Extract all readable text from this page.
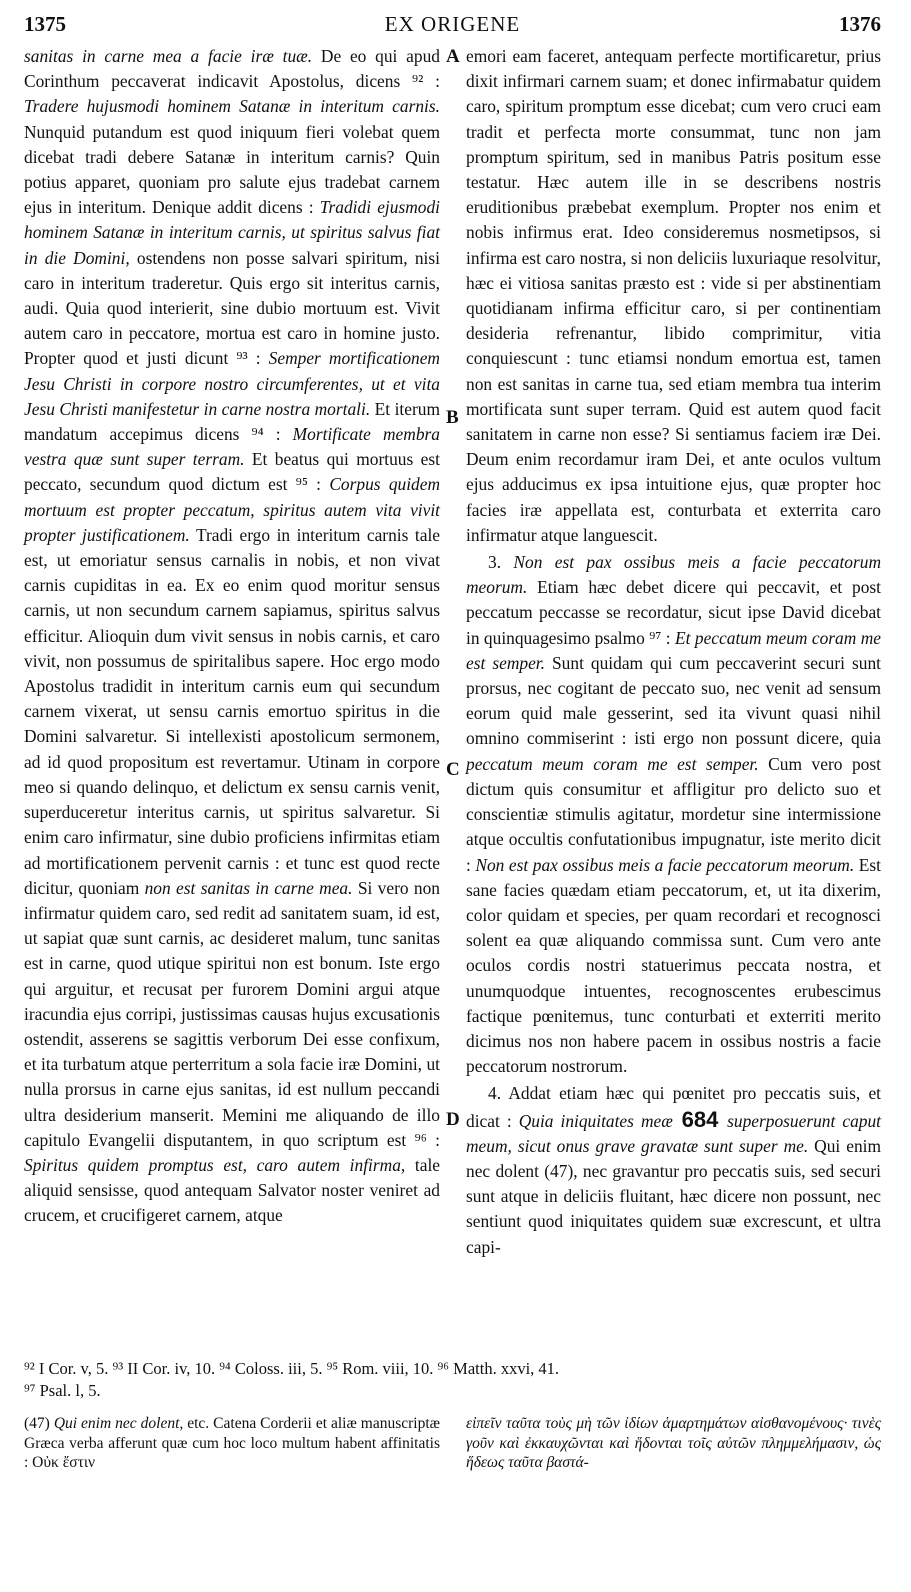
1375	EX ORIGENE	1376

sanitas in carne mea a facie iræ tuæ. De eo qui apud Corinthum peccaverat indicavit Apostolus, dicens ⁹² : Tradere hujusmodi hominem Satanæ in interitum carnis. Nunquid putandum est quod iniquum fieri volebat quem dicebat tradi debere Satanæ in interitum carnis? Quin potius apparet, quoniam pro salute ejus tradebat carnem ejus in interitum. Denique addit dicens : Tradidi ejusmodi hominem Satanæ in interitum carnis, ut spiritus salvus fiat in die Domini, ostendens non posse salvari spiritum, nisi caro in interitum traderetur. Quis ergo sit interitus carnis, audi. Quia quod interierit, sine dubio mortuum est. Vivit autem caro in peccatore, mortua est caro in homine justo. Propter quod et justi dicunt ⁹³ : Semper mortificationem Jesu Christi in corpore nostro circumferentes, ut et vita Jesu Christi manifestetur in carne nostra mortali. Et iterum mandatum accepimus dicens ⁹⁴ : Mortificate membra vestra quæ sunt super terram. Et beatus qui mortuus est peccato, secundum quod dictum est ⁹⁵ : Corpus quidem mortuum est propter peccatum, spiritus autem vita vivit propter justificationem. Tradi ergo in interitum carnis tale est, ut emoriatur sensus carnalis in nobis, et non vivat carnis cupiditas in ea. Ex eo enim quod moritur sensus carnis, ut non secundum carnem sapiamus, spiritus salvus efficitur. Alioquin dum vivit sensus in nobis carnis, et caro vivit, non possumus de spiritalibus sapere. Hoc ergo modo Apostolus tradidit in interitum carnis eum qui secundum carnem vixerat, ut sensu carnis emortuo spiritus in die Domini salvaretur. Si intellexisti apostolicum sermonem, ad id quod propositum est revertamur. Utinam in corpore meo si quando delinquo, et delictum ex sensu carnis venit, superduceretur interitus carnis, ut spiritus salvaretur. Si enim caro infirmatur, sine dubio proficiens infirmitas etiam ad mortificationem pervenit carnis : et tunc est quod recte dicitur, quoniam non est sanitas in carne mea. Si vero non infirmatur quidem caro, sed redit ad sanitatem suam, id est, ut sapiat quæ sunt carnis, ac desideret malum, tunc sanitas est in carne, quod utique spiritui non est bonum. Iste ergo qui arguitur, et recusat per furorem Domini argui atque iracundia ejus corripi, justissimas causas hujus excusationis ostendit, asserens se sagittis verborum Dei esse confixum, et ita turbatum atque perterritum a sola facie iræ Domini, ut nulla prorsus in carne ejus sanitas, id est nullum peccandi ultra desiderium manserit. Memini me aliquando de illo capitulo Evangelii disputantem, in quo scriptum est ⁹⁶ : Spiritus quidem promptus est, caro autem infirma, tale aliquid sensisse, quod antequam Salvator noster veniret ad crucem, et crucifigeret carnem, atque

emori eam faceret, antequam perfecte mortificaretur, prius dixit infirmari carnem suam; et donec infirmabatur quidem caro, spiritum promptum esse dicebat; cum vero cruci eam tradit et perfecta morte consummat, tunc non jam promptum spiritum, sed in manibus Patris positum esse testatur. Hæc autem ille in se describens nostris eruditionibus præbebat exemplum. Propter nos enim et nobis infirmus erat. Ideo consideremus nosmetipsos, si infirma est caro nostra, si non deliciis luxuriaque resolvitur, hæc ei vitiosa sanitas præsto est : vide si per abstinentiam quotidianam infirma efficitur caro, si per continentiam desideria refrenantur, libido comprimitur, vitia conquiescunt : tunc etiamsi nondum emortua est, tamen non est sanitas in carne tua, sed etiam membra tua interim mortificata sunt super terram. Quid est autem quod facit sanitatem in carne non esse? Si sentiamus faciem iræ Dei. Deum enim recordamur iram Dei, et ante oculos vultum ejus adducimus ex ipsa intuitione ejus, quæ propter hoc facies iræ appellata est, conturbata et exterrita caro infirmatur atque languescit.

3. Non est pax ossibus meis a facie peccatorum meorum. Etiam hæc debet dicere qui peccavit, et post peccatum peccasse se recordatur, sicut ipse David dicebat in quinquagesimo psalmo ⁹⁷ : Et peccatum meum coram me est semper. Sunt quidam qui cum peccaverint securi sunt prorsus, nec cogitant de peccato suo, nec venit ad sensum eorum quid male gesserint, sed ita vivunt quasi nihil omnino commiserint : isti ergo non possunt dicere, quia peccatum meum coram me est semper. Cum vero post dictum quis consumitur et affligitur pro delicto suo et conscientiæ stimulis agitatur, mordetur sine intermissione atque occultis confutationibus impugnatur, iste merito dicit : Non est pax ossibus meis a facie peccatorum meorum. Est sane facies quædam etiam peccatorum, et, ut ita dixerim, color quidam et species, per quam recordari et recognosci solent ea quæ aliquando commissa sunt. Cum vero ante oculos cordis nostri statuerimus peccata nostra, et unumquodque intuentes, recognoscentes erubescimus factique pœnitemus, tunc conturbati et exterriti merito dicimus nos non habere pacem in ossibus nostris a facie peccatorum nostrorum.

4. Addat etiam hæc qui pœnitet pro peccatis suis, et dicat : Quia iniquitates meæ 684 superposuerunt caput meum, sicut onus grave gravatæ sunt super me. Qui enim nec dolent (47), nec gravantur pro peccatis suis, sed securi sunt atque in deliciis fluitant, hæc dicere non possunt, nec sentiunt quod iniquitates quidem suæ excrescunt, et ultra capi-

A
B
C
D
⁹² I Cor. v, 5. ⁹³ II Cor. iv, 10. ⁹⁴ Coloss. iii, 5. ⁹⁵ Rom. viii, 10. ⁹⁶ Matth. xxvi, 41.
⁹⁷ Psal. l, 5.
(47) Qui enim nec dolent, etc. Catena Corderii et aliæ manuscriptæ Græca verba afferunt quæ cum hoc loco multum habent affinitatis : Οὐκ ἔστιν
εἰπεῖν ταῦτα τοὺς μὴ τῶν ἰδίων ἁμαρτημάτων αἰσθανομένους· τινὲς γοῦν καὶ ἐκκαυχῶνται καὶ ἥδονται τοῖς αὐτῶν πλημμελήμασιν, ὡς ἥδεως ταῦτα βαστά-
